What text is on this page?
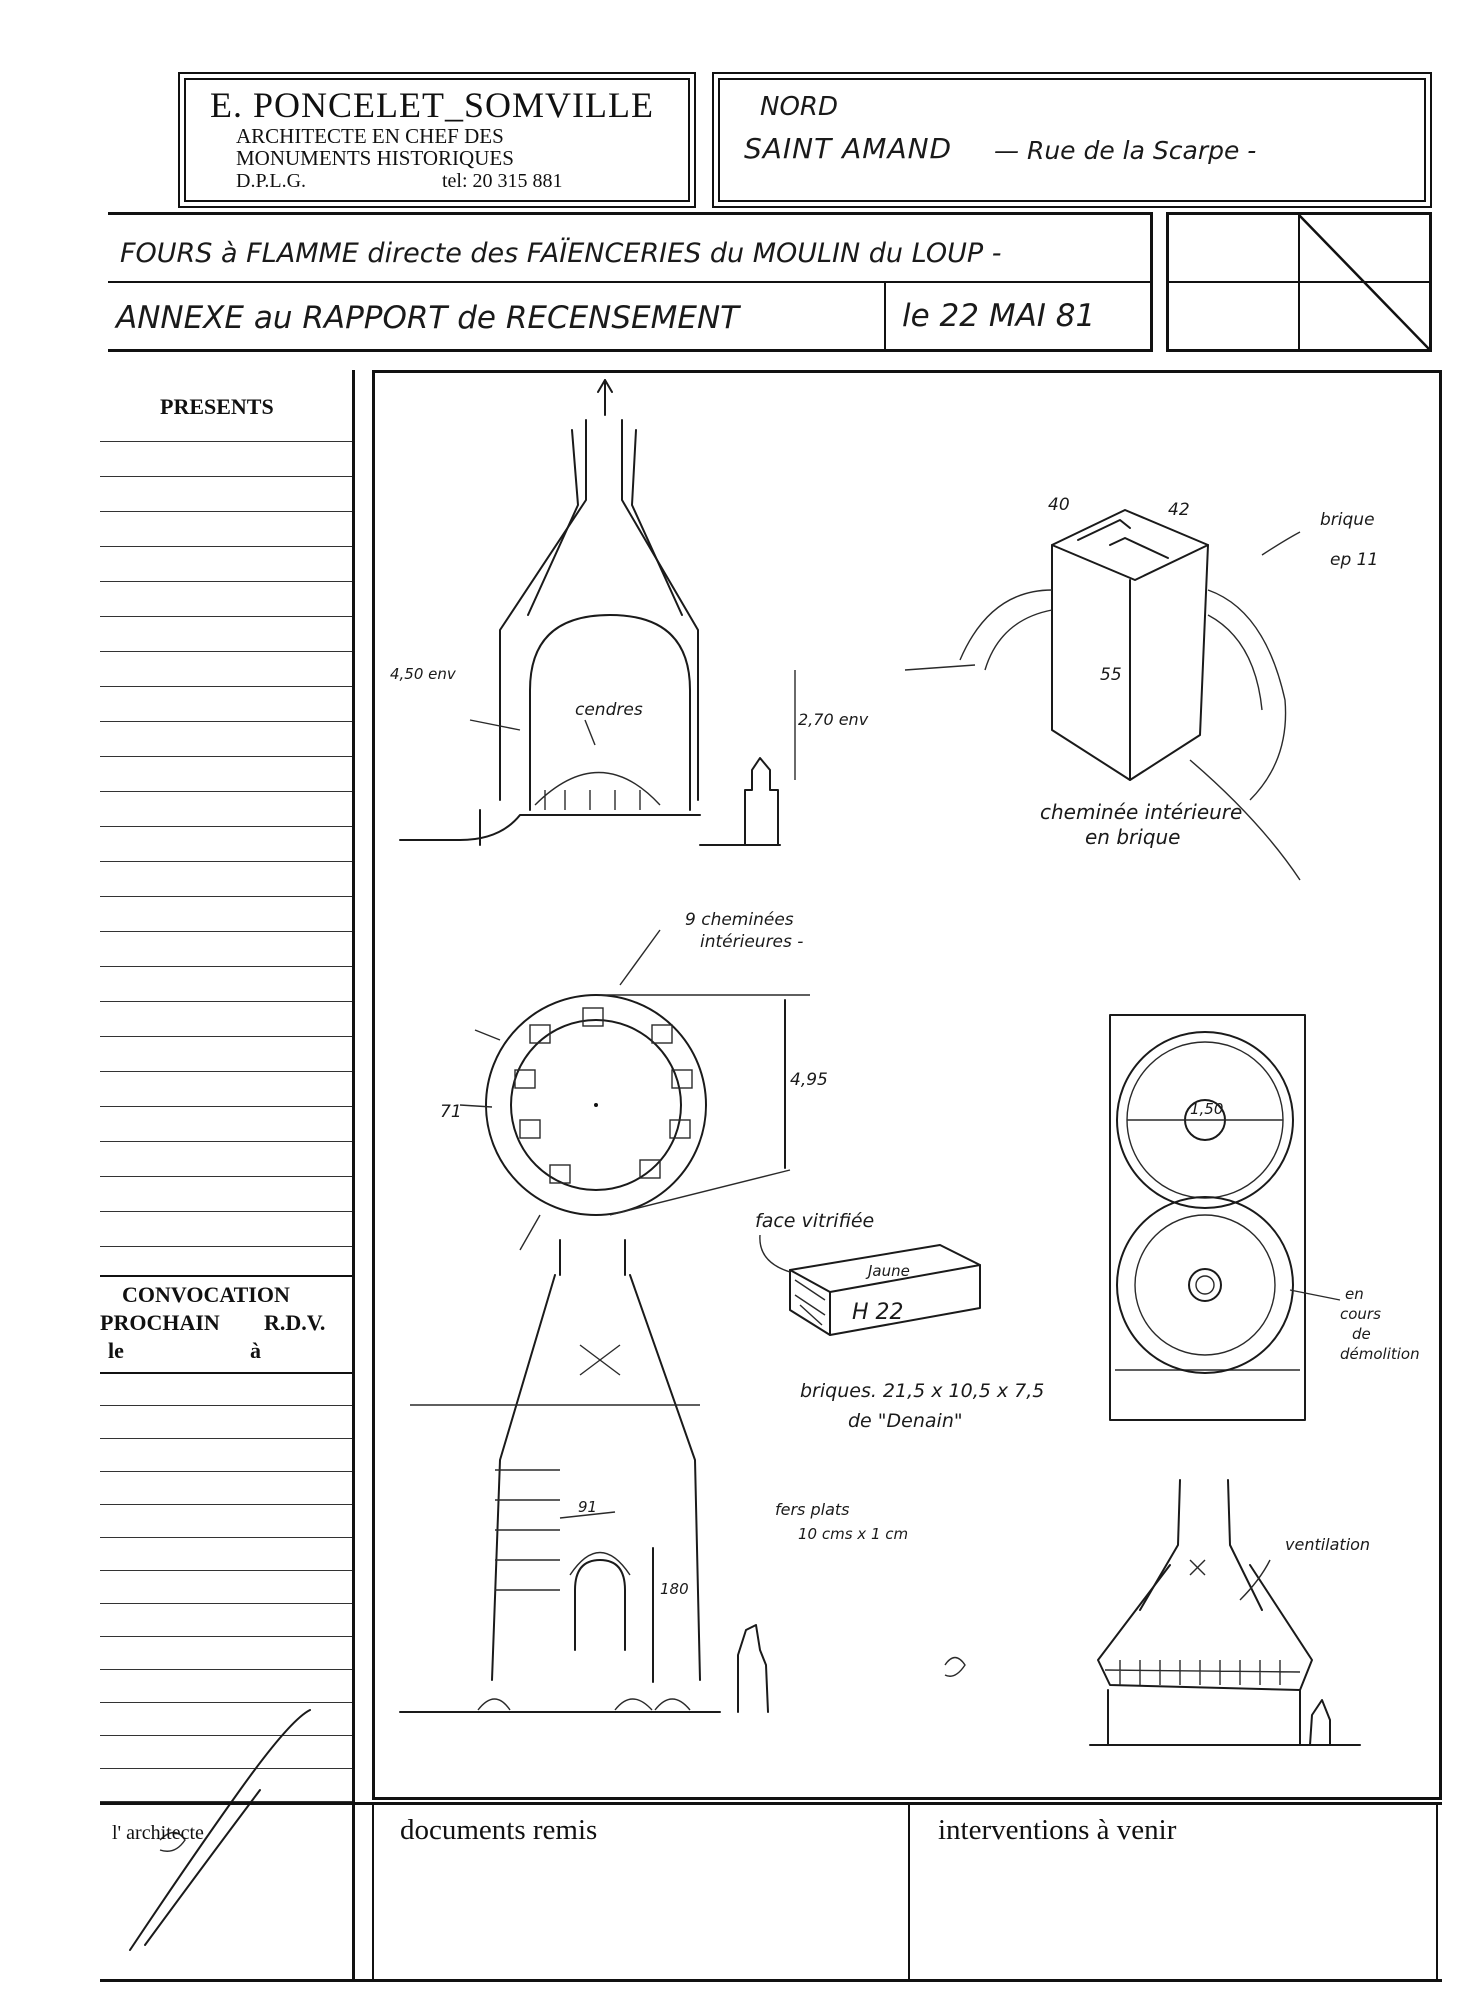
E. PONCELET_SOMVILLE
ARCHITECTE EN CHEF DES
MONUMENTS HISTORIQUES
D.P.L.G.	tel: 20 315 881
NORD
SAINT AMAND — Rue de la Scarpe -
FOURS à FLAMME directe des FAÏENCERIES du MOULIN du LOUP -
ANNEXE au RAPPORT de RECENSEMENT	le 22 MAI 81
PRESENTS
CONVOCATION
PROCHAIN R.D.V.
le	à
4,50 env
cendres	2,70 env
40	42	brique
ep 11
55
cheminée intérieure
en brique
9 cheminées
intérieures -
71
4,95
face vitrifiée
Jaune
H 22
briques. 21,5 x 10,5 x 7,5
de "Denain"
1,50
en
cours
de
démolition
91
180
fers plats
10 cms x 1 cm
ventilation
l' architecte	documents remis	interventions à venir
